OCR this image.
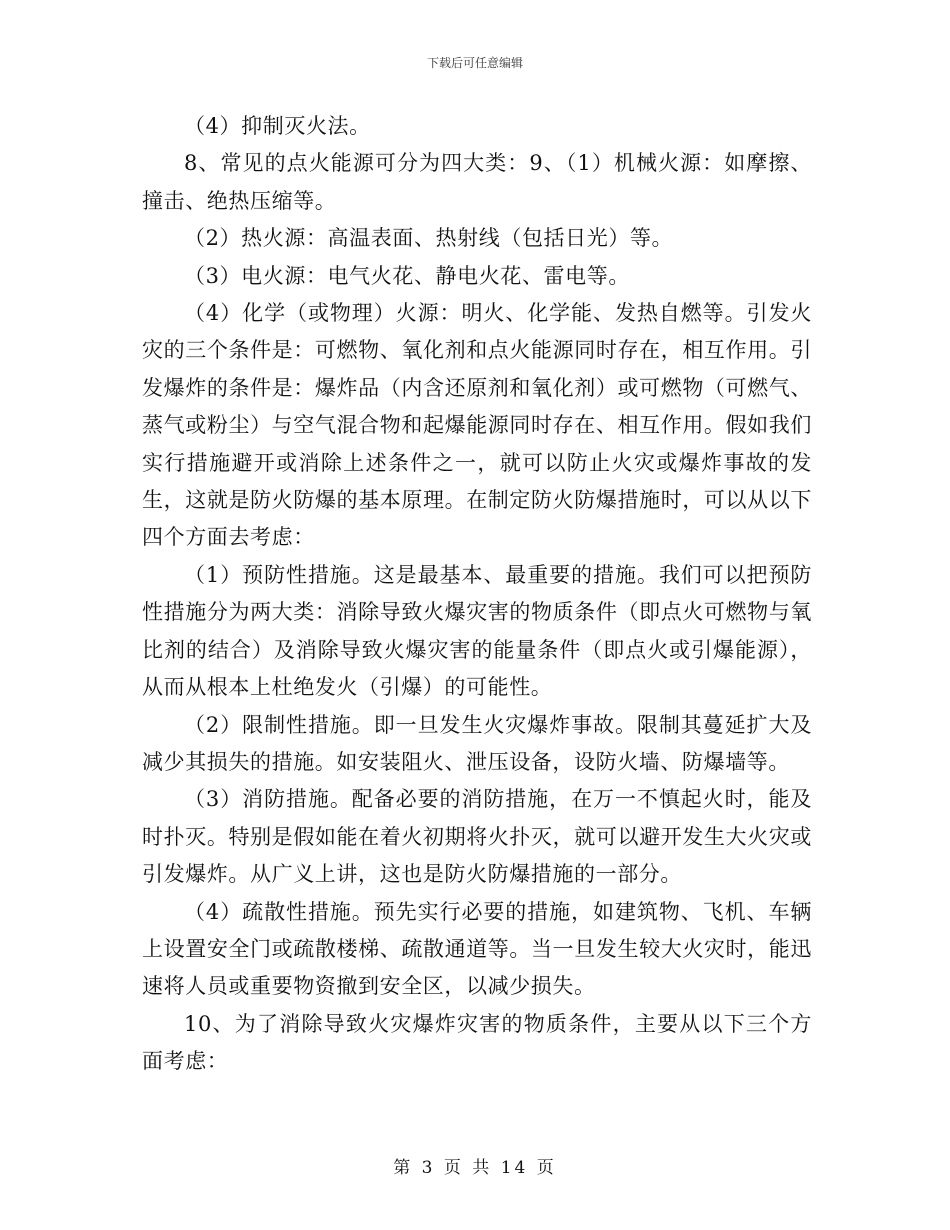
下载后可任意编辑

（4）抑制灭火法。

8、常见的点火能源可分为四大类：9、（1）机械火源：如摩擦、撞击、绝热压缩等。

（2）热火源：高温表面、热射线（包括日光）等。

（3）电火源：电气火花、静电火花、雷电等。

（4）化学（或物理）火源：明火、化学能、发热自燃等。引发火灾的三个条件是：可燃物、氧化剂和点火能源同时存在，相互作用。引发爆炸的条件是：爆炸品（内含还原剂和氧化剂）或可燃物（可燃气、蒸气或粉尘）与空气混合物和起爆能源同时存在、相互作用。假如我们实行措施避开或消除上述条件之一，就可以防止火灾或爆炸事故的发生，这就是防火防爆的基本原理。在制定防火防爆措施时，可以从以下四个方面去考虑：

（1）预防性措施。这是最基本、最重要的措施。我们可以把预防性措施分为两大类：消除导致火爆灾害的物质条件（即点火可燃物与氧比剂的结合）及消除导致火爆灾害的能量条件（即点火或引爆能源），从而从根本上杜绝发火（引爆）的可能性。

（2）限制性措施。即一旦发生火灾爆炸事故。限制其蔓延扩大及减少其损失的措施。如安装阻火、泄压设备，设防火墙、防爆墙等。

（3）消防措施。配备必要的消防措施，在万一不慎起火时，能及时扑灭。特别是假如能在着火初期将火扑灭，就可以避开发生大火灾或引发爆炸。从广义上讲，这也是防火防爆措施的一部分。

（4）疏散性措施。预先实行必要的措施，如建筑物、飞机、车辆上设置安全门或疏散楼梯、疏散通道等。当一旦发生较大火灾时，能迅速将人员或重要物资撤到安全区，以减少损失。

10、为了消除导致火灾爆炸灾害的物质条件，主要从以下三个方面考虑：

第 3 页 共 14 页
